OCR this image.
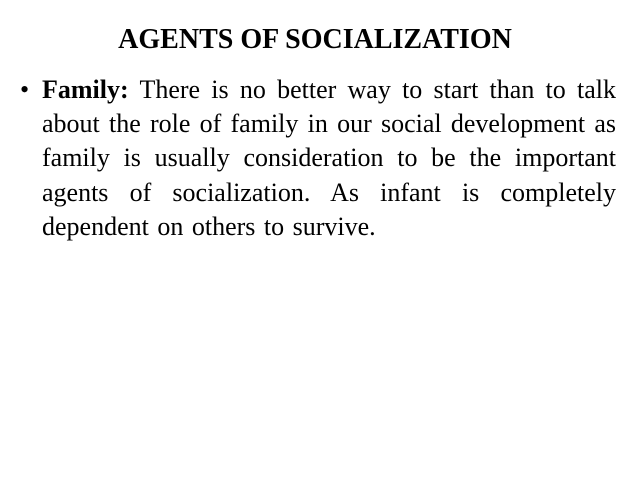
AGENTS OF SOCIALIZATION
• Family: There is no better way to start than to talk about the role of family in our social development as family is usually consideration to be the important agents of socialization. As infant is completely dependent on others to survive.
